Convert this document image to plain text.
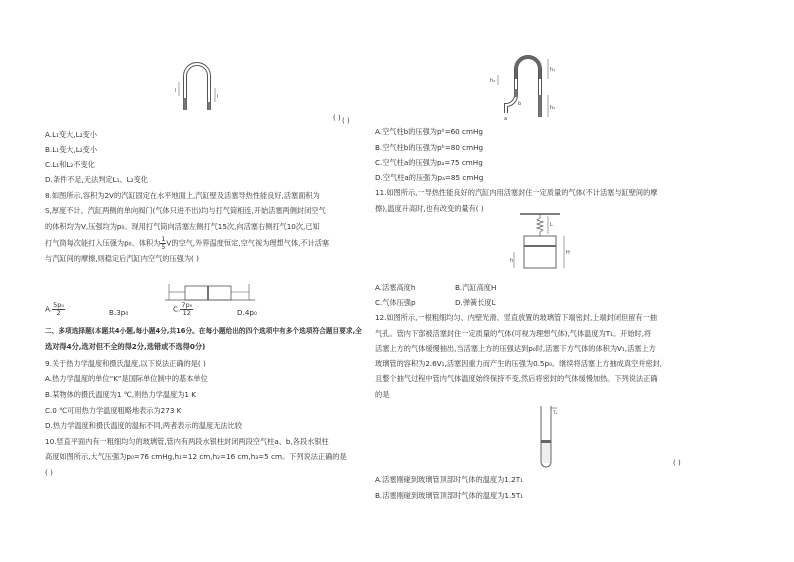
l
l
( )
A.L₁变大,L₂变小
B.L₁变大,L₂变小
C.L₁和L₂不变化
D.条件不足,无法判定L₁、L₂变化
8.如图所示,容积为2V的汽缸固定在水平地面上,汽缸壁及活塞导热性能良好,活塞面积为
S,厚度不计。汽缸两侧的单向阀门(气体只进不出)均与打气筒相连,开始活塞两侧封闭空气
的体积均为V,压强均为p₀。现用打气筒向活塞左侧打气15次,向活塞右侧打气10次,已知
打气筒每次能打入压强为p₀、体积为 $\frac{1}{5}$ V的空气,外界温度恒定,空气视为理想气体,不计活塞
与汽缸间的摩擦,则稳定后汽缸内空气的压强为( )
A. $\frac{\text{5p₀}}{2}$	B.3p₀	C. $\frac{\text{7p₀}}{12}$	D.4p₀
二、多项选择题(本题共4小题,每小题4分,共16分。在每小题给出的四个选项中有多个选项符合题目要求,全
选对得4分,选对但不全的得2分,选错或不选得0分)
9.关于热力学温度和摄氏温度,以下说法正确的是( )
A.热力学温度的单位“K”是国际单位制中的基本单位
B.某物体的摄氏温度为1 ℃,则热力学温度为1 K
C.0 ℃可用热力学温度粗略地表示为273 K
D.热力学温度和摄氏温度的温标不同,两者表示的温度无法比较
10.竖直平面内有一粗细均匀的玻璃管,管内有两段水银柱封闭两段空气柱a、b,各段水银柱
高度如图所示,大气压强为p₀=76 cmHg,h₁=12 cm,h₂=16 cm,h₃=5 cm。下列说法正确的是
( )
h₁
h₂
h₃
b
a
( )
A.空气柱b的压强为pᵇ=60 cmHg
B.空气柱b的压强为pᵇ=80 cmHg
C.空气柱a的压强为pₐ=75 cmHg
D.空气柱a的压强为pₐ=85 cmHg
11.如图所示,一导热性能良好的汽缸内用活塞封住一定质量的气体(不计活塞与缸壁间的摩
擦),温度升高时,也有改变的量有( )
h
H
L
A.活塞高度h	B.汽缸高度H
C.气体压强p	D.弹簧长度L
12.如图所示,一根粗细均匀、内壁光滑、竖直放置的玻璃管下端密封,上端封闭但留有一抽
气孔。管内下部被活塞封住一定质量的气体(可视为理想气体),气体温度为T₁。开始时,将
活塞上方的气体缓慢抽出,当活塞上方的压强达到p₀时,活塞下方气体的体积为V₁,活塞上方
玻璃管的容积为2.6V₁,活塞因重力而产生的压强为0.5p₀。继续将活塞上方抽成真空并密封,
且整个抽气过程中管内气体温度始终保持不变,然后将密封的气体缓慢加热。下列说法正确
的是
T₁
( )
A.活塞刚碰到玻璃管顶部时气体的温度为1.2T₁
B.活塞刚碰到玻璃管顶部时气体的温度为1.5T₁
